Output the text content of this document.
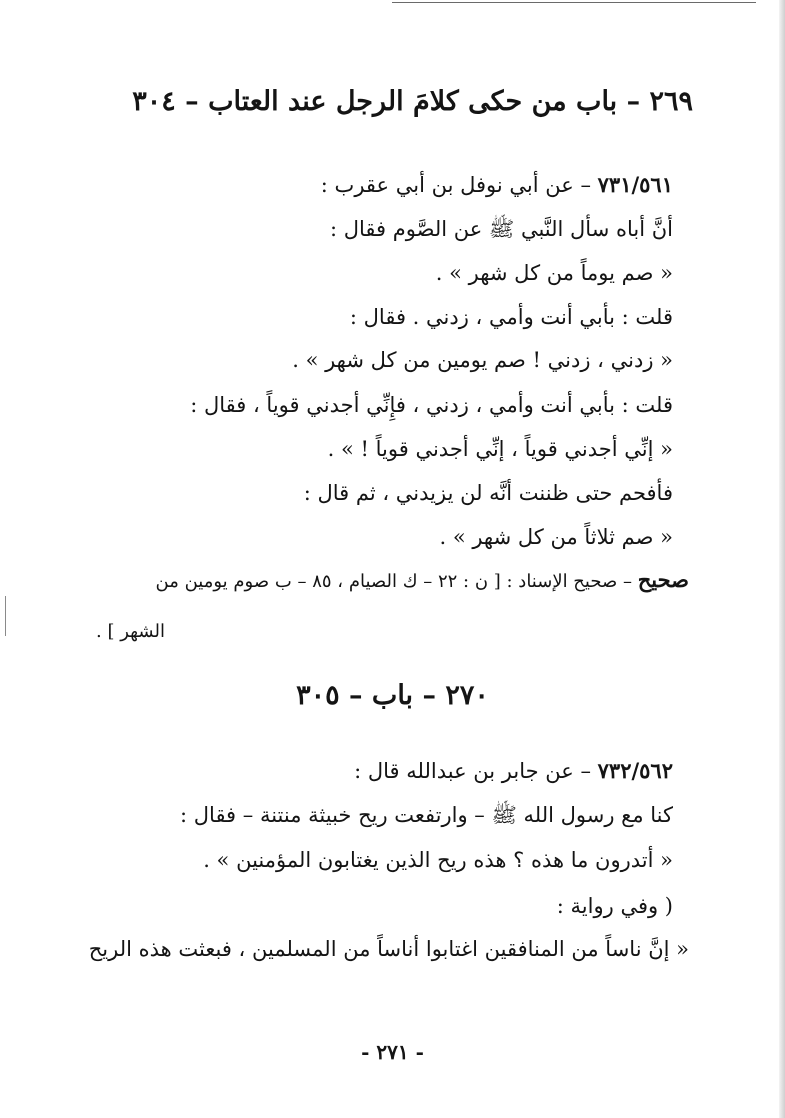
٢٦٩ – باب من حكى كلامَ الرجل عند العتاب – ٣٠٤
٧٣١/٥٦١ – عن أبي نوفل بن أبي عقرب :
أنَّ أباه سأل النَّبي ﷺ عن الصَّوم فقال :
« صم يوماً من كل شهر » .
قلت : بأبي أنت وأمي ، زدني . فقال :
« زدني ، زدني ! صم يومين من كل شهر » .
قلت : بأبي أنت وأمي ، زدني ، فإِنِّي أجدني قوياً ، فقال :
« إنِّي أجدني قوياً ، إنِّي أجدني قوياً ! » .
فأفحم حتى ظننت أنَّه لن يزيدني ، ثم قال :
« صم ثلاثاً من كل شهر » .
صحيح – صحيح الإسناد : [ ن : ٢٢ – ك الصيام ، ٨٥ – ب صوم يومين من
الشهر ] .
٢٧٠ – باب – ٣٠٥
٧٣٢/٥٦٢ – عن جابر بن عبدالله قال :
كنا مع رسول الله ﷺ – وارتفعت ريح خبيثة منتنة – فقال :
« أتدرون ما هذه ؟ هذه ريح الذين يغتابون المؤمنين » .
( وفي رواية :
« إنَّ ناساً من المنافقين اغتابوا أناساً من المسلمين ، فبعثت هذه الريح
- ٢٧١ -
